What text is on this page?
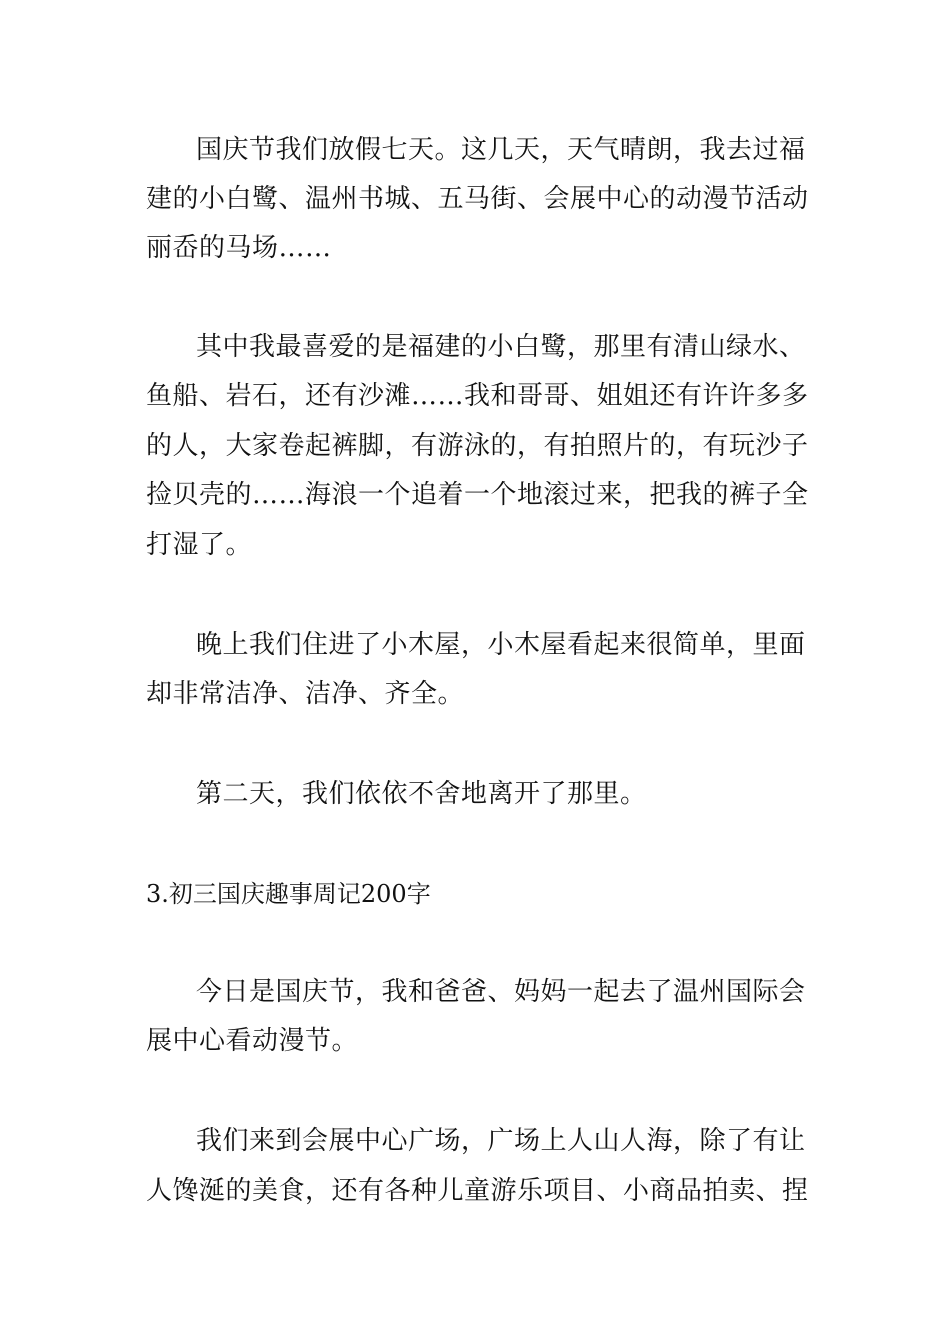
国庆节我们放假七天。这几天，天气晴朗，我去过福
建的小白鹭、温州书城、五马街、会展中心的动漫节活动
丽岙的马场……
其中我最喜爱的是福建的小白鹭，那里有清山绿水、
鱼船、岩石，还有沙滩……我和哥哥、姐姐还有许许多多
的人，大家卷起裤脚，有游泳的，有拍照片的，有玩沙子
捡贝壳的……海浪一个追着一个地滚过来，把我的裤子全
打湿了。
晚上我们住进了小木屋，小木屋看起来很简单，里面
却非常洁净、洁净、齐全。
第二天，我们依依不舍地离开了那里。
3.初三国庆趣事周记200字
今日是国庆节，我和爸爸、妈妈一起去了温州国际会
展中心看动漫节。
我们来到会展中心广场，广场上人山人海，除了有让
人馋涎的美食，还有各种儿童游乐项目、小商品拍卖、捏
